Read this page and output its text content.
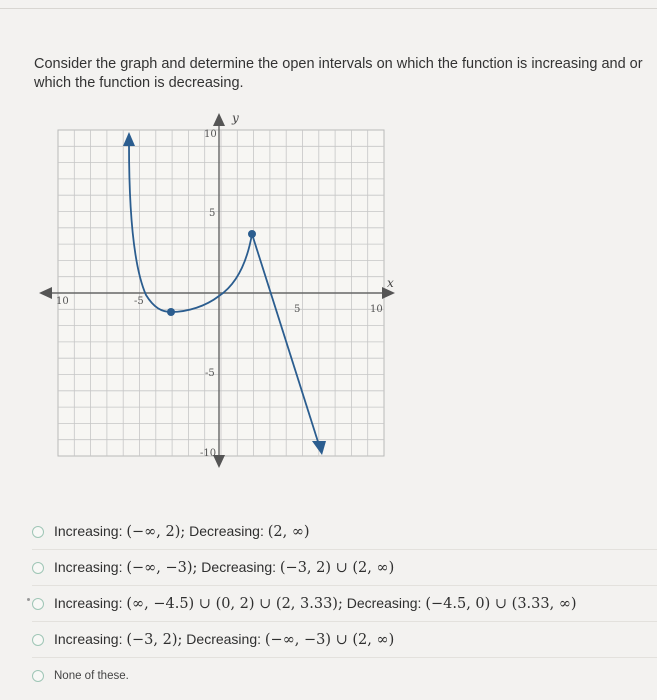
Consider the graph and determine the open intervals on which the function is increasing and or
which the function is decreasing.
y
x
10
5
-5
-10
10	-5
5	10
Increasing: (−∞, 2); Decreasing: (2, ∞)
Increasing: (−∞, −3); Decreasing: (−3, 2) ∪ (2, ∞)
Increasing: (∞, −4.5) ∪ (0, 2) ∪ (2, 3.33); Decreasing: (−4.5, 0) ∪ (3.33, ∞)
Increasing: (−3, 2); Decreasing: (−∞, −3) ∪ (2, ∞)
None of these.
